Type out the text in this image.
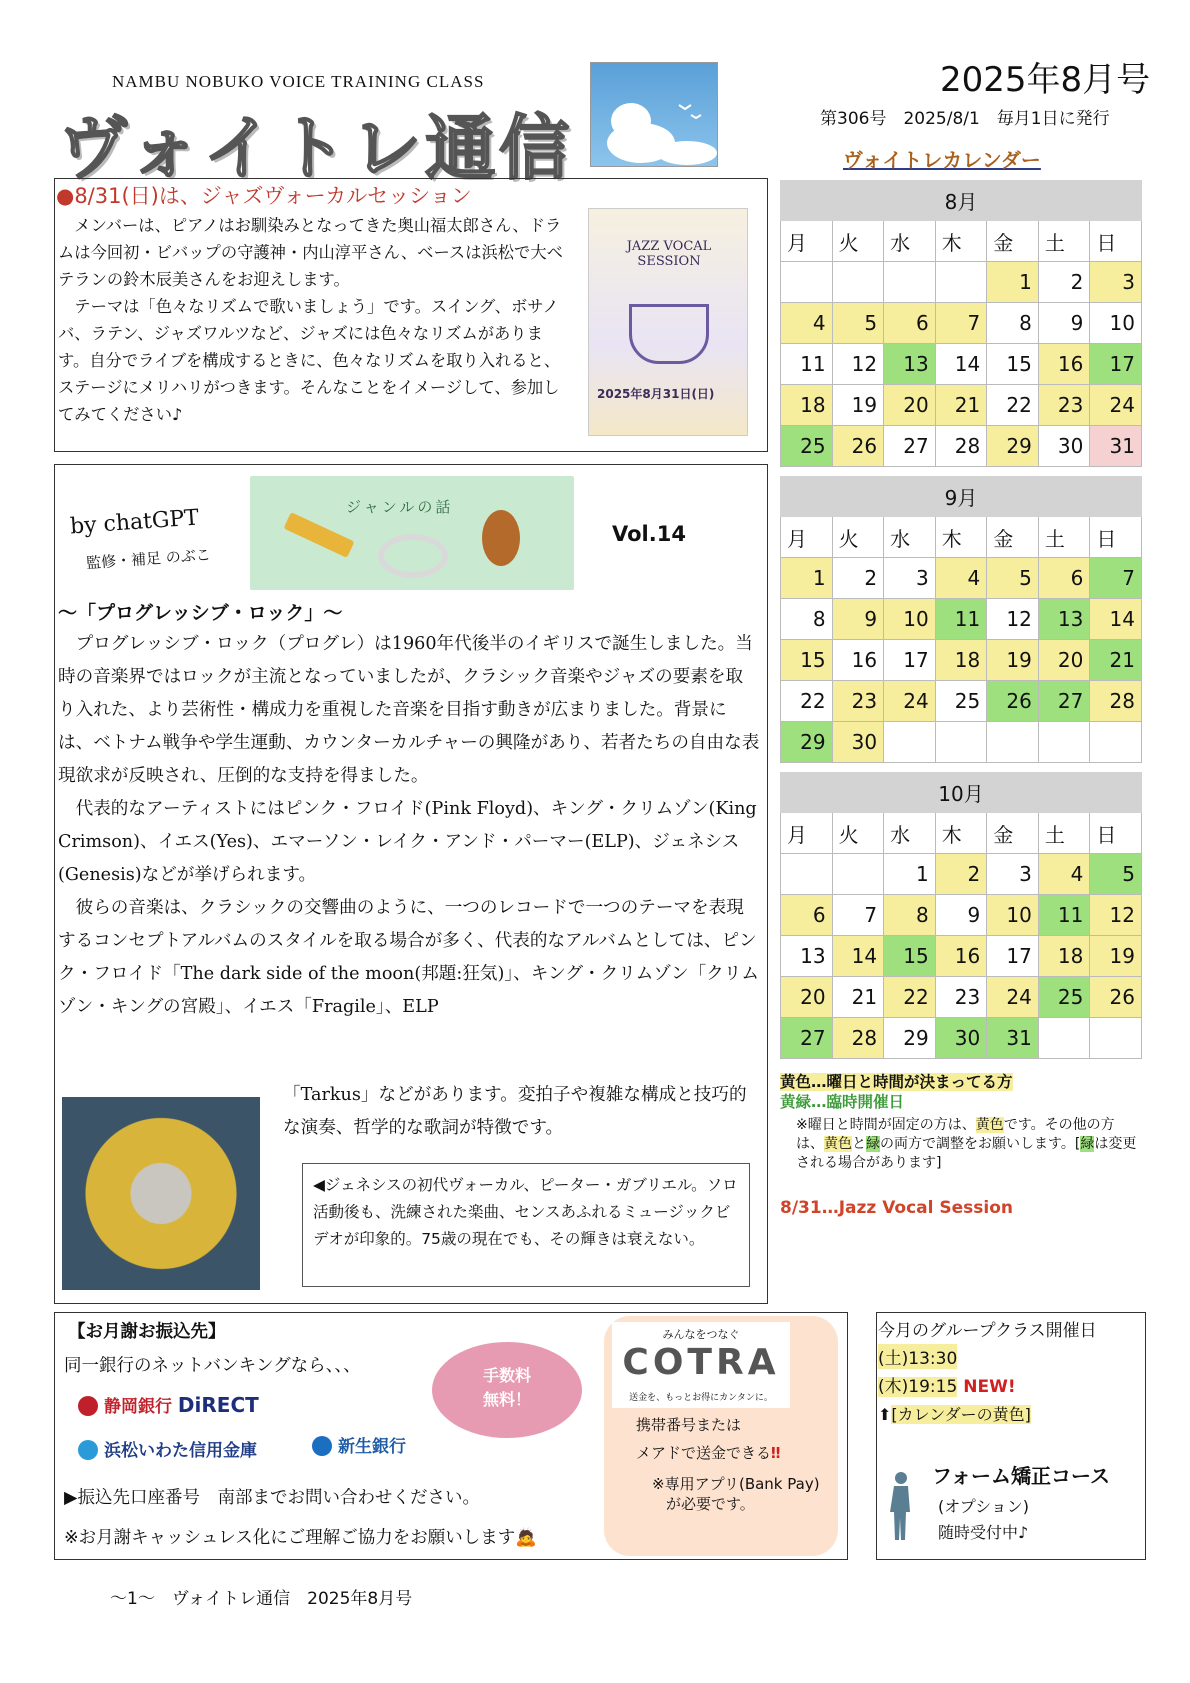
NAMBU NOBUKO VOICE TRAINING CLASS
ヴォイトレ通信
2025年8月号
第306号　2025/8/1　毎月1日に発行
●8/31(日)は、ジャズヴォーカルセッション

メンバーは、ピアノはお馴染みとなってきた奥山福太郎さん、ドラムは今回初・ビバップの守護神・内山淳平さん、ベースは浜松で大ベテランの鈴木辰美さんをお迎えします。

テーマは「色々なリズムで歌いましょう」です。スイング、ボサノバ、ラテン、ジャズワルツなど、ジャズには色々なリズムがあります。自分でライブを構成するときに、色々なリズムを取り入れると、ステージにメリハリがつきます。そんなことをイメージして、参加してみてください♪

JAZZ VOCAL SESSION
2025年8月31日(日)
by chatGPT
監修・補足 のぶこ
ジャンルの話
Vol.14
〜「プログレッシブ・ロック」〜

プログレッシブ・ロック（プログレ）は1960年代後半のイギリスで誕生しました。当時の音楽界ではロックが主流となっていましたが、クラシック音楽やジャズの要素を取り入れた、より芸術性・構成力を重視した音楽を目指す動きが広まりました。背景には、ベトナム戦争や学生運動、カウンターカルチャーの興隆があり、若者たちの自由な表現欲求が反映され、圧倒的な支持を得ました。

代表的なアーティストにはピンク・フロイド(Pink Floyd)、キング・クリムゾン(King Crimson)、イエス(Yes)、エマーソン・レイク・アンド・パーマー(ELP)、ジェネシス(Genesis)などが挙げられます。

彼らの音楽は、クラシックの交響曲のように、一つのレコードで一つのテーマを表現するコンセプトアルバムのスタイルを取る場合が多く、代表的なアルバムとしては、ピンク・フロイド「The dark side of the moon(邦題:狂気)」、キング・クリムゾン「クリムゾン・キングの宮殿」、イエス「Fragile」、ELP

「Tarkus」などがあります。変拍子や複雑な構成と技巧的な演奏、哲学的な歌詞が特徴です。
◀ジェネシスの初代ヴォーカル、ピーター・ガブリエル。ソロ活動後も、洗練された楽曲、センスあふれるミュージックビデオが印象的。75歳の現在でも、その輝きは衰えない。
ヴォイトレカレンダー
8月						
月	火	水	木	金	土	日
				1	2	3
4	5	6	7	8	9	10
11	12	13	14	15	16	17
18	19	20	21	22	23	24
25	26	27	28	29	30	31
9月						
月	火	水	木	金	土	日
1	2	3	4	5	6	7
8	9	10	11	12	13	14
15	16	17	18	19	20	21
22	23	24	25	26	27	28
29	30					
10月						
月	火	水	木	金	土	日
		1	2	3	4	5
6	7	8	9	10	11	12
13	14	15	16	17	18	19
20	21	22	23	24	25	26
27	28	29	30	31		
黄色…曜日と時間が決まってる方
黄緑…臨時開催日
※曜日と時間が固定の方は、黄色です。その他の方は、黄色と緑の両方で調整をお願いします。[緑は変更される場合があります]
8/31…Jazz Vocal Session
【お月謝お振込先】
同一銀行のネットバンキングなら、、、
静岡銀行 DiRECT
浜松いわた信用金庫	新生銀行
手数料
無料！
▶振込先口座番号　南部までお問い合わせください。
※お月謝キャッシュレス化にご理解ご協力をお願いします🙇
みんなをつなぐ
COTRA
送金を、もっとお得にカンタンに。
携帯番号または
メアドで送金できる‼
※専用アプリ(Bank Pay)
が必要です。
今月のグループクラス開催日
(土)13:30
(木)19:15 NEW!
⬆[カレンダーの黄色]
フォーム矯正コース
(オプション)
随時受付中♪
〜1〜　ヴォイトレ通信　2025年8月号
